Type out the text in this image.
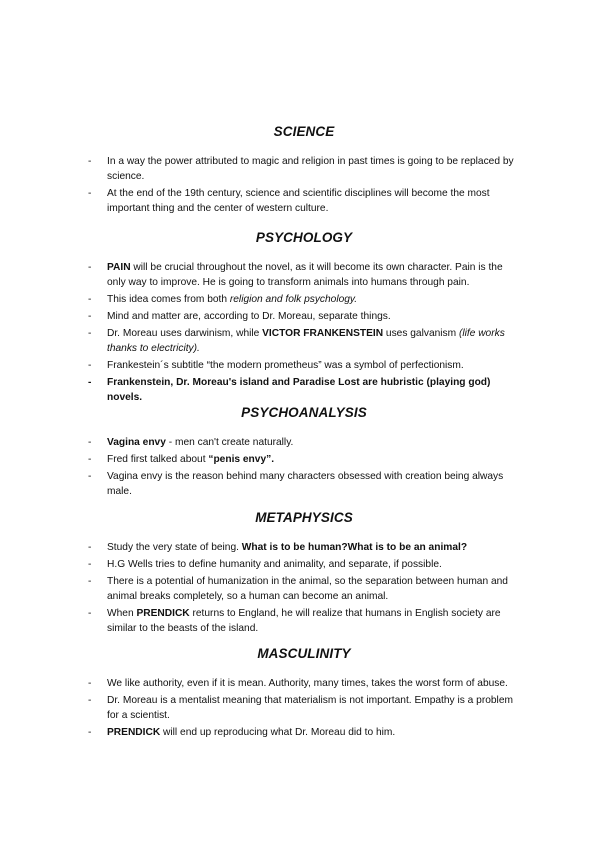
SCIENCE
- In a way the power attributed to magic and religion in past times is going to be replaced by science.
- At the end of the 19th century, science and scientific disciplines will become the most important thing and the center of western culture.
PSYCHOLOGY
- PAIN will be crucial throughout the novel, as it will become its own character. Pain is the only way to improve. He is going to transform animals into humans through pain.
- This idea comes from both religion and folk psychology.
- Mind and matter are, according to Dr. Moreau, separate things.
- Dr. Moreau uses darwinism, while VICTOR FRANKENSTEIN uses galvanism (life works thanks to electricity).
- Frankestein´s subtitle “the modern prometheus” was a symbol of perfectionism.
- Frankenstein, Dr. Moreau's island and Paradise Lost are hubristic (playing god) novels.
PSYCHOANALYSIS
- Vagina envy - men can't create naturally.
- Fred first talked about “penis envy”.
- Vagina envy is the reason behind many characters obsessed with creation being always male.
METAPHYSICS
- Study the very state of being. What is to be human?What is to be an animal?
- H.G Wells tries to define humanity and animality, and separate, if possible.
- There is a potential of humanization in the animal, so the separation between human and animal breaks completely, so a human can become an animal.
- When PRENDICK returns to England, he will realize that humans in English society are similar to the beasts of the island.
MASCULINITY
- We like authority, even if it is mean. Authority, many times, takes the worst form of abuse.
- Dr. Moreau is a mentalist meaning that materialism is not important. Empathy is a problem for a scientist.
- PRENDICK will end up reproducing what Dr. Moreau did to him.
